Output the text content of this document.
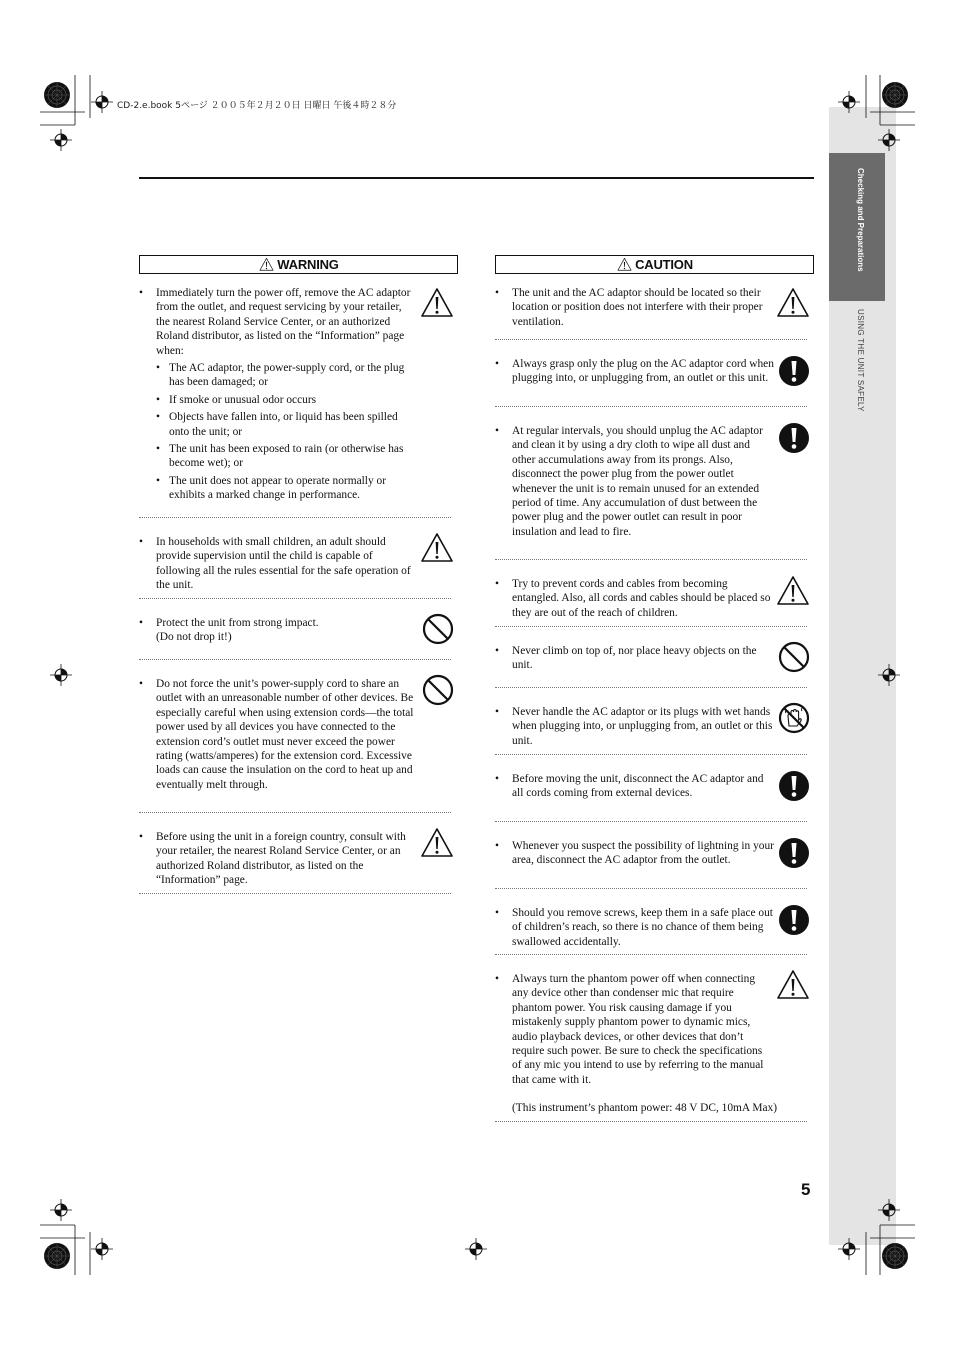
Checking and Preparations
USING THE UNIT SAFELY
CD-2.e.book 5ページ ２００５年２月２０日 日曜日 午後４時２８分
WARNING
• Immediately turn the power off, remove the AC adaptor from the outlet, and request servicing by your retailer, the nearest Roland Service Center, or an authorized Roland distributor, as listed on the “Information” page when:
• The AC adaptor, the power-supply cord, or the plug has been damaged; or
• If smoke or unusual odor occurs
• Objects have fallen into, or liquid has been spilled onto the unit; or
• The unit has been exposed to rain (or otherwise has become wet); or
• The unit does not appear to operate normally or exhibits a marked change in performance.
• In households with small children, an adult should provide supervision until the child is capable of following all the rules essential for the safe operation of the unit.
• Protect the unit from strong impact.
(Do not drop it!)
• Do not force the unit’s power-supply cord to share an outlet with an unreasonable number of other devices. Be especially careful when using extension cords—the total power used by all devices you have connected to the extension cord’s outlet must never exceed the power rating (watts/amperes) for the extension cord. Excessive loads can cause the insulation on the cord to heat up and eventually melt through.
• Before using the unit in a foreign country, consult with your retailer, the nearest Roland Service Center, or an authorized Roland distributor, as listed on the “Information” page.
CAUTION
• The unit and the AC adaptor should be located so their location or position does not interfere with their proper ventilation.
• Always grasp only the plug on the AC adaptor cord when plugging into, or unplugging from, an outlet or this unit.
• At regular intervals, you should unplug the AC adaptor and clean it by using a dry cloth to wipe all dust and other accumulations away from its prongs. Also, disconnect the power plug from the power outlet whenever the unit is to remain unused for an extended period of time. Any accumulation of dust between the power plug and the power outlet can result in poor insulation and lead to fire.
• Try to prevent cords and cables from becoming entangled. Also, all cords and cables should be placed so they are out of the reach of children.
• Never climb on top of, nor place heavy objects on the unit.
• Never handle the AC adaptor or its plugs with wet hands when plugging into, or unplugging from, an outlet or this unit.
• Before moving the unit, disconnect the AC adaptor and all cords coming from external devices.
• Whenever you suspect the possibility of lightning in your area, disconnect the AC adaptor from the outlet.
• Should you remove screws, keep them in a safe place out of children’s reach, so there is no chance of them being swallowed accidentally.
• Always turn the phantom power off when connecting any device other than condenser mic that require phantom power. You risk causing damage if you mistakenly supply phantom power to dynamic mics, audio playback devices, or other devices that don’t require such power. Be sure to check the specifications of any mic you intend to use by referring to the manual that came with it.
(This instrument’s phantom power: 48 V DC, 10mA Max)
5
